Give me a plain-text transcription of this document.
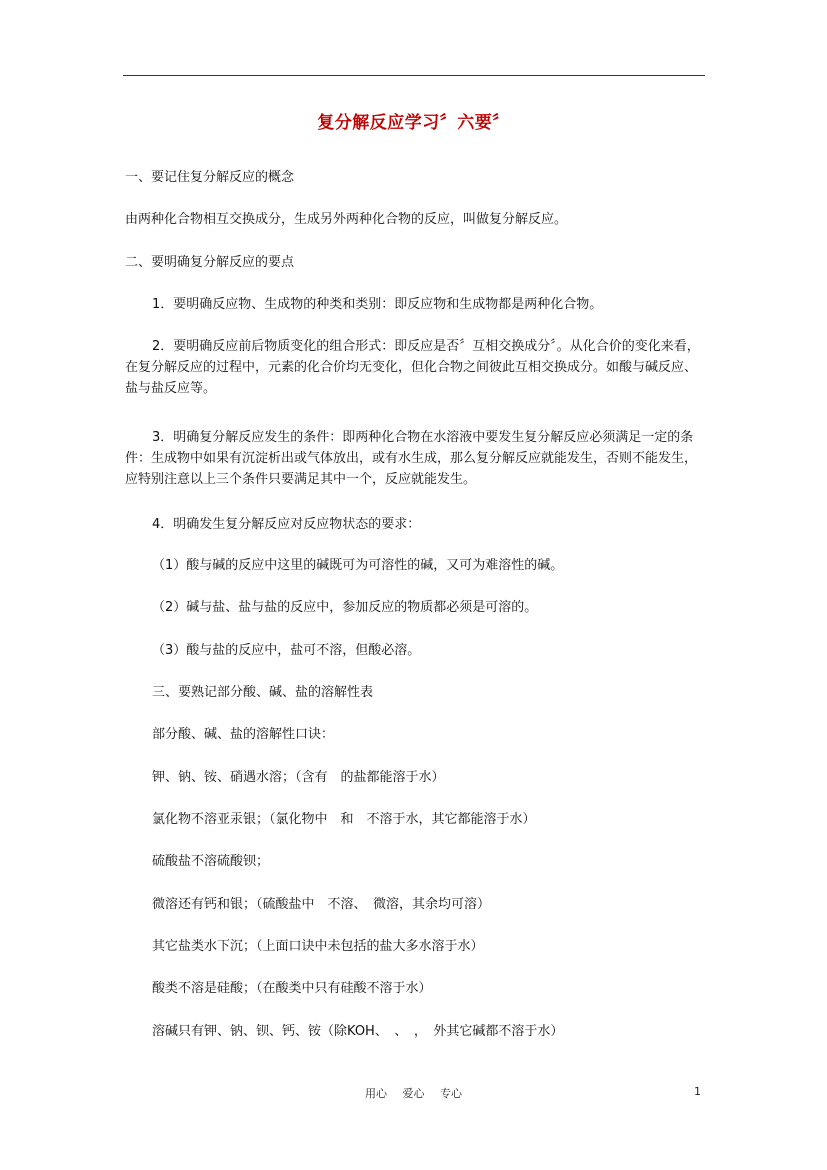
复分解反应学习〞六要〞

一、要记住复分解反应的概念

由两种化合物相互交换成分，生成另外两种化合物的反应，叫做复分解反应。

二、要明确复分解反应的要点

1．要明确反应物、生成物的种类和类别：即反应物和生成物都是两种化合物。

2．要明确反应前后物质变化的组合形式：即反应是否〞互相交换成分〞。从化合价的变化来看，在复分解反应的过程中，元素的化合价均无变化，但化合物之间彼此互相交换成分。如酸与碱反应、盐与盐反应等。

3．明确复分解反应发生的条件：即两种化合物在水溶液中要发生复分解反应必须满足一定的条件：生成物中如果有沉淀析出或气体放出，或有水生成，那么复分解反应就能发生，否则不能发生，应特别注意以上三个条件只要满足其中一个，反应就能发生。

4．明确发生复分解反应对反应物状态的要求：

（1）酸与碱的反应中这里的碱既可为可溶性的碱，又可为难溶性的碱。
（2）碱与盐、盐与盐的反应中，参加反应的物质都必须是可溶的。
（3）酸与盐的反应中，盐可不溶，但酸必溶。
三、要熟记部分酸、碱、盐的溶解性表
部分酸、碱、盐的溶解性口诀：
钾、钠、铵、硝遇水溶；（含有　的盐都能溶于水）
氯化物不溶亚汞银；（氯化物中　和　不溶于水，其它都能溶于水）
硫酸盐不溶硫酸钡；
微溶还有钙和银；（硫酸盐中　不溶、　微溶，其余均可溶）
其它盐类水下沉；（上面口诀中未包括的盐大多水溶于水）
酸类不溶是硅酸；（在酸类中只有硅酸不溶于水）
溶碱只有钾、钠、钡、钙、铵（除KOH、　、　，　外其它碱都不溶于水）
用心 爱心 专心	1
